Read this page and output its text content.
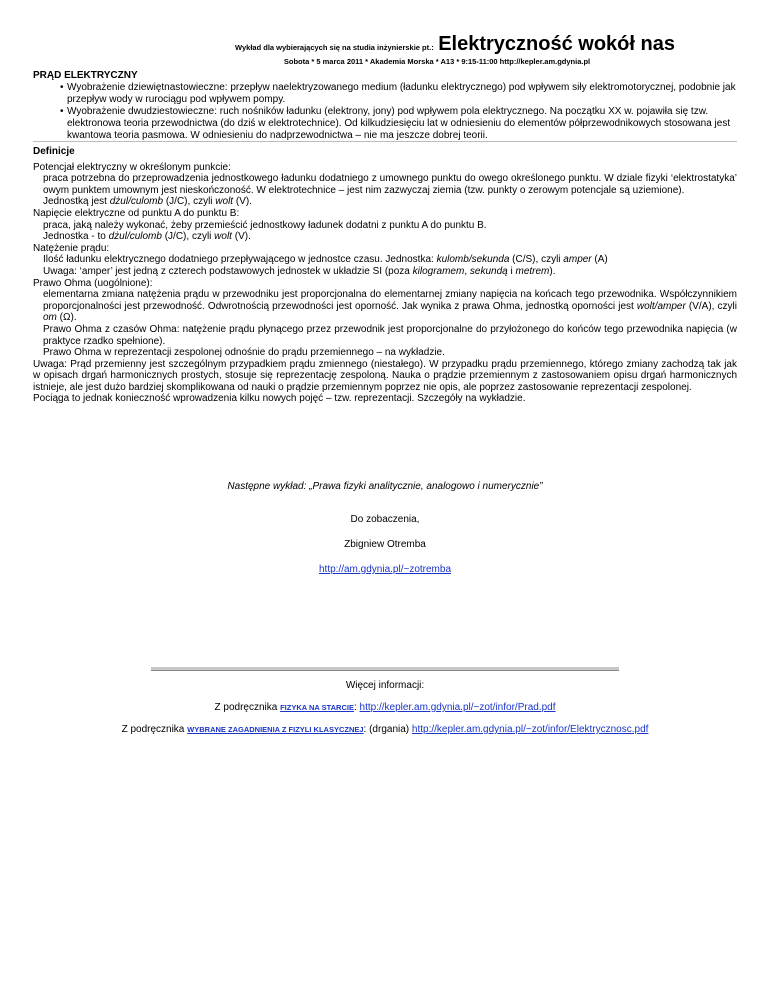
Wykład dla wybierających się na studia inżynierskie pt.: Elektryczność wokół nas
Sobota * 5 marca 2011 * Akademia Morska * A13 * 9:15-11:00 http://kepler.am.gdynia.pl
PRĄD ELEKTRYCZNY
• Wyobrażenie dziewiętnastowieczne: przepływ naelektryzowanego medium (ładunku elektrycznego) pod wpływem siły elektromotorycznej, podobnie jak przepływ wody w rurociągu pod wpływem pompy.
• Wyobrażenie dwudziestowieczne: ruch nośników ładunku (elektrony, jony) pod wpływem pola elektrycznego. Na początku XX w. pojawiła się tzw. elektronowa teoria przewodnictwa (do dziś w elektrotechnice). Od kilkudziesięciu lat w odniesieniu do elementów półprzewodnikowych stosowana jest kwantowa teoria pasmowa. W odniesieniu do nadprzewodnictwa – nie ma jeszcze dobrej teorii.
Definicje
Potencjał elektryczny w określonym punkcie:
praca potrzebna do przeprowadzenia jednostkowego ładunku dodatniego z umownego punktu do owego określonego punktu. W dziale fizyki ‘elektrostatyka’ owym punktem umownym jest nieskończoność. W elektrotechnice – jest nim zazwyczaj ziemia (tzw. punkty o zerowym potencjale są uziemione).
Jednostką jest dżul/culomb (J/C), czyli wolt (V).
Napięcie elektryczne od punktu A do punktu B:
praca, jaką należy wykonać, żeby przemieścić jednostkowy ładunek dodatni z punktu A do punktu B.
Jednostka - to dżul/culomb (J/C), czyli wolt (V).
Natężenie prądu:
Ilość ładunku elektrycznego dodatniego przepływającego w jednostce czasu. Jednostka: kulomb/sekunda (C/S), czyli amper (A)
Uwaga: ‘amper’ jest jedną z czterech podstawowych jednostek w układzie SI (poza kilogramem, sekundą i metrem).
Prawo Ohma (uogólnione):
elementarna zmiana natężenia prądu w przewodniku jest proporcjonalna do elementarnej zmiany napięcia na końcach tego przewodnika. Współczynnikiem proporcjonalności jest przewodność. Odwrotnością przewodności jest oporność. Jak wynika z prawa Ohma, jednostką oporności jest wolt/amper (V/A), czyli om (Ω).
Prawo Ohma z czasów Ohma: natężenie prądu płynącego przez przewodnik jest proporcjonalne do przyłożonego do końców tego przewodnika napięcia (w praktyce rzadko spełnione).
Prawo Ohma w reprezentacji zespolonej odnośnie do prądu przemiennego – na wykładzie.
Uwaga: Prąd przemienny jest szczególnym przypadkiem prądu zmiennego (niestałego). W przypadku prądu przemiennego, którego zmiany zachodzą tak jak w opisach drgań harmonicznych prostych, stosuje się reprezentację zespoloną. Nauka o prądzie przemiennym z zastosowaniem opisu drgań harmonicznych istnieje, ale jest dużo bardziej skomplikowana od nauki o prądzie przemiennym poprzez nie opis, ale poprzez zastosowanie reprezentacji zespolonej.
Pociąga to jednak konieczność wprowadzenia kilku nowych pojęć – tzw. reprezentacji. Szczegóły na wykładzie.
Następne wykład: „Prawa fizyki analitycznie, analogowo i numerycznie”
Do zobaczenia,
Zbigniew Otremba
http://am.gdynia.pl/~zotremba
Więcej informacji:
Z podręcznika FIZYKA NA STARCIE: http://kepler.am.gdynia.pl/~zot/infor/Prad.pdf
Z podręcznika WYBRANE ZAGADNIENIA Z FIZYLI KLASYCZNEJ: (drgania) http://kepler.am.gdynia.pl/~zot/infor/Elektrycznosc.pdf
